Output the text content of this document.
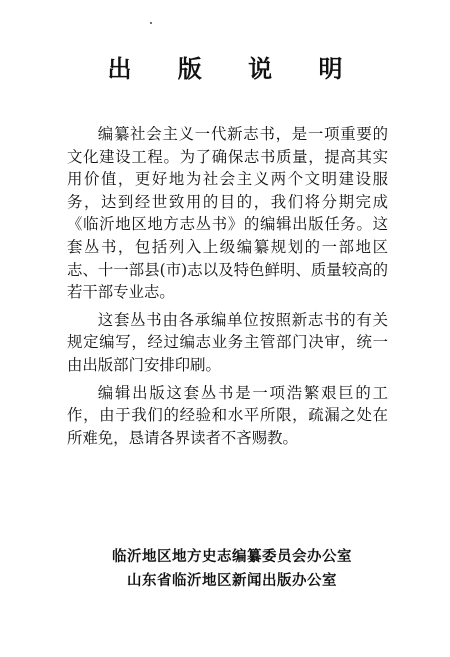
出 版 说 明

编纂社会主义一代新志书，是一项重要的文化建设工程。为了确保志书质量，提高其实用价值，更好地为社会主义两个文明建设服务，达到经世致用的目的，我们将分期完成《临沂地区地方志丛书》的编辑出版任务。这套丛书，包括列入上级编纂规划的一部地区志、十一部县(市)志以及特色鲜明、质量较高的若干部专业志。

这套丛书由各承编单位按照新志书的有关规定编写，经过编志业务主管部门决审，统一由出版部门安排印刷。

编辑出版这套丛书是一项浩繁艰巨的工作，由于我们的经验和水平所限，疏漏之处在所难免，恳请各界读者不吝赐教。

临沂地区地方史志编纂委员会办公室
山东省临沂地区新闻出版办公室
